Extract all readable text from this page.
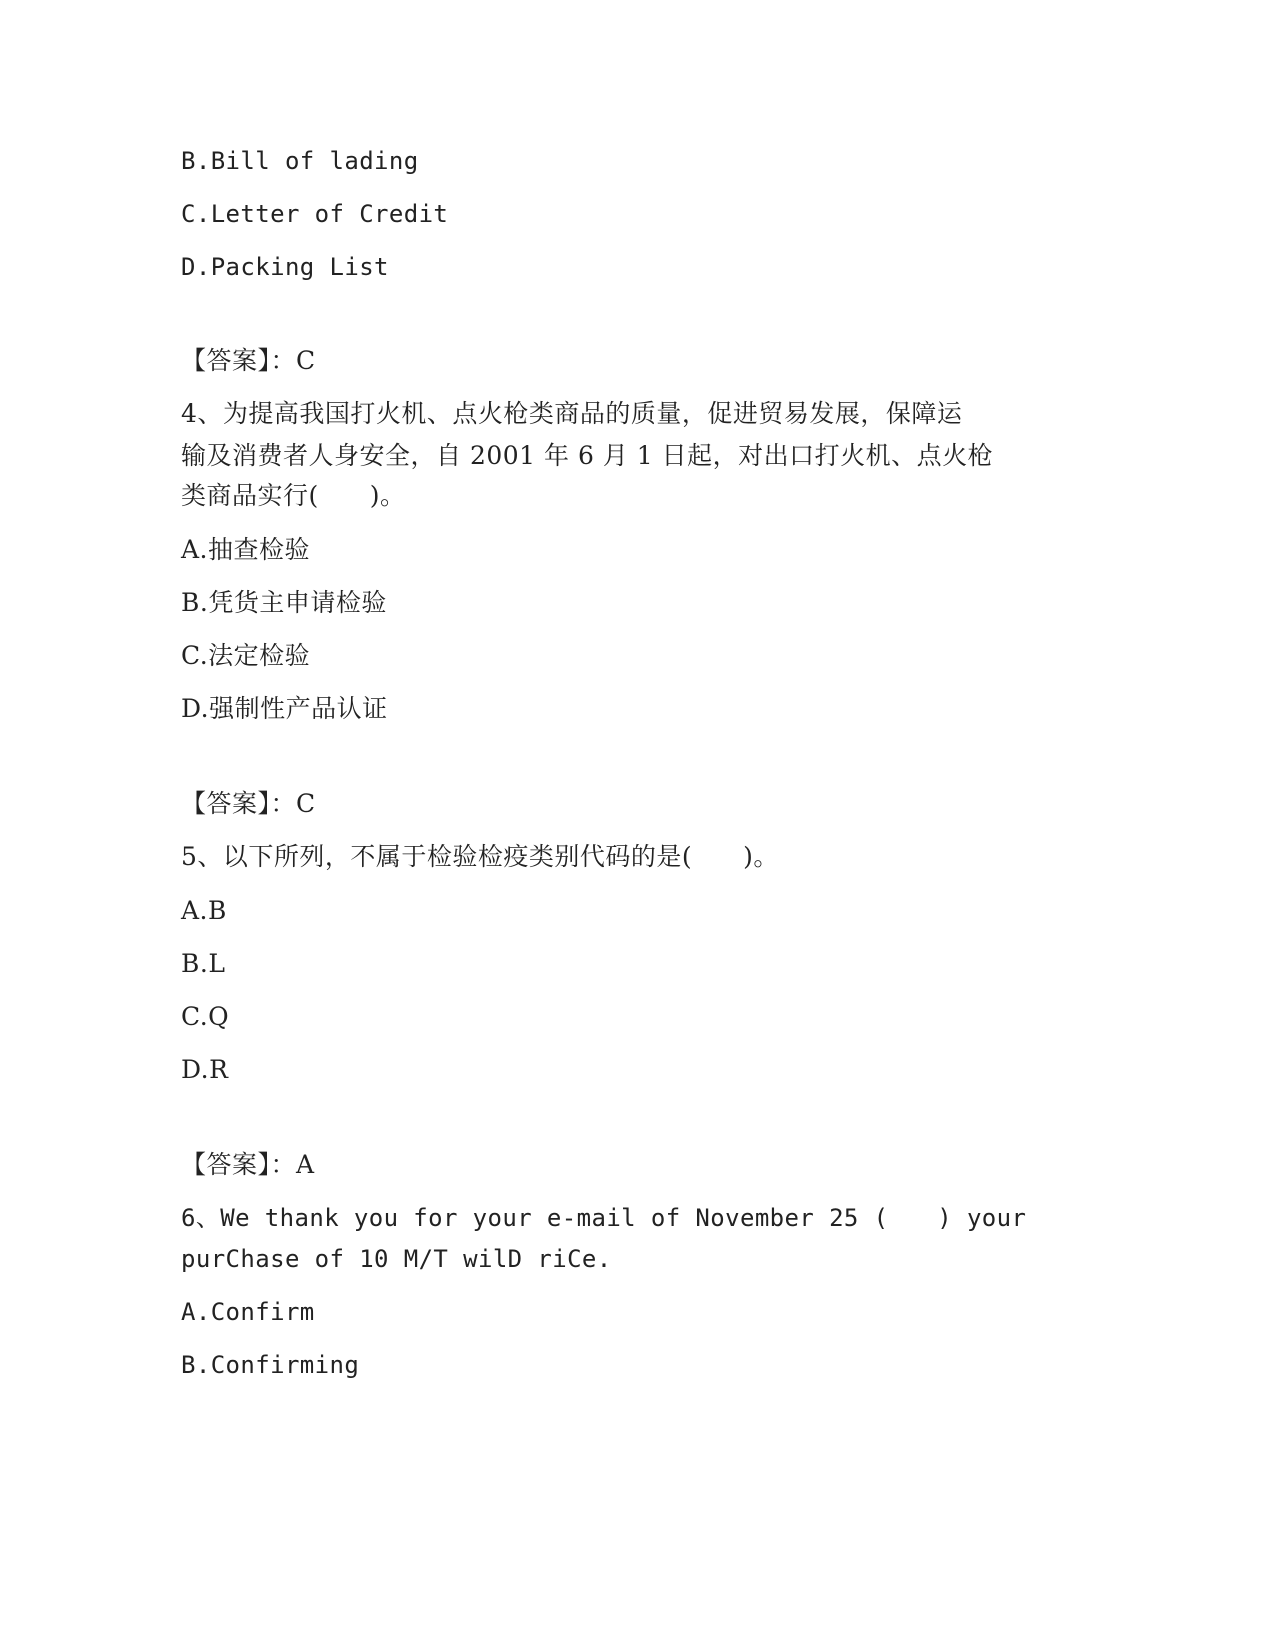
B.Bill of lading
C.Letter of Credit
D.Packing List
【答案】：C
4、为提高我国打火机、点火枪类商品的质量，促进贸易发展，保障运
输及消费者人身安全，自 2001 年 6 月 1 日起，对出口打火机、点火枪
类商品实行(　　)。
A.抽查检验
B.凭货主申请检验
C.法定检验
D.强制性产品认证
【答案】：C
5、以下所列，不属于检验检疫类别代码的是(　　)。
A.B
B.L
C.Q
D.R
【答案】：A
6、We thank you for your e-mail of November 25 (　　) your
purChase of 10 M/T wilD riCe.
A.Confirm
B.Confirming
